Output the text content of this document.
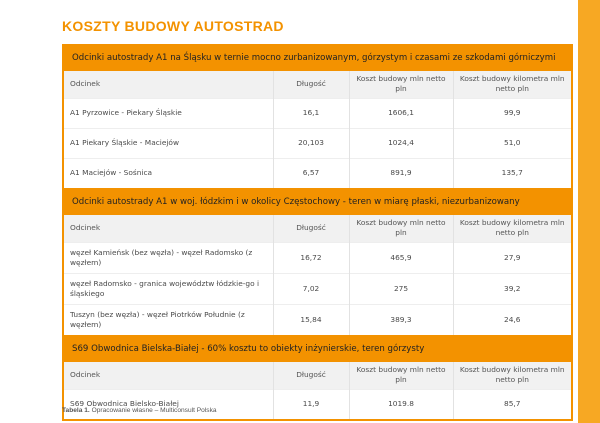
KOSZTY BUDOWY AUTOSTRAD
Odcinki autostrady A1 na Śląsku w ternie mocno zurbanizowanym, górzystym i czasami ze szkodami górniczymi
Odcinek	Długość	Koszt budowy mln netto pln	Koszt budowy kilometra mln netto pln
A1 Pyrzowice - Piekary Śląskie	16,1	1606,1	99,9
A1 Piekary Śląskie - Maciejów	20,103	1024,4	51,0
A1 Maciejów - Sośnica	6,57	891,9	135,7
Odcinki autostrady A1 w woj. łódzkim i w okolicy Częstochowy - teren w miarę płaski, niezurbanizowany
Odcinek	Długość	Koszt budowy mln netto pln	Koszt budowy kilometra mln netto pln
węzeł Kamieńsk (bez węzła) - węzeł Radomsko (z węzłem)	16,72	465,9	27,9
węzeł Radomsko - granica województw łódzkie-go i śląskiego	7,02	275	39,2
Tuszyn (bez węzła) - węzeł Piotrków Południe (z węzłem)	15,84	389,3	24,6
S69 Obwodnica Bielska-Białej - 60% kosztu to obiekty inżynierskie, teren górzysty
Odcinek	Długość	Koszt budowy mln netto pln	Koszt budowy kilometra mln netto pln
S69 Obwodnica Bielsko-Białej	11,9	1019.8	85,7
Tabela 1. Opracowanie własne – Multiconsult Polska
